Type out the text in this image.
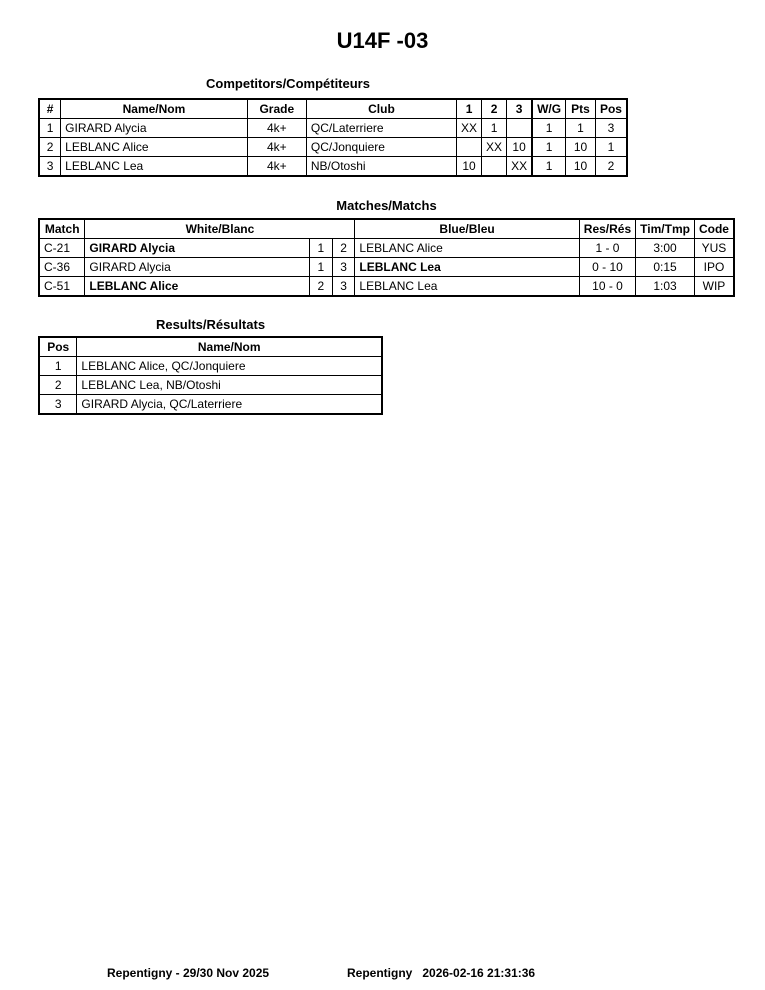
U14F -03
Competitors/Compétiteurs
#	Name/Nom	Grade	Club	1	2	3	W/G	Pts	Pos
1	GIRARD Alycia	4k+	QC/Laterriere	XX	1		1	1	3
2	LEBLANC Alice	4k+	QC/Jonquiere		XX	10	1	10	1
3	LEBLANC Lea	4k+	NB/Otoshi	10		XX	1	10	2
Matches/Matchs
Match	White/Blanc			Blue/Bleu	Res/Rés	Tim/Tmp	Code
C-21	GIRARD Alycia	1	2	LEBLANC Alice	1 - 0	3:00	YUS
C-36	GIRARD Alycia	1	3	LEBLANC Lea	0 - 10	0:15	IPO
C-51	LEBLANC Alice	2	3	LEBLANC Lea	10 - 0	1:03	WIP
Results/Résultats
Pos	Name/Nom
1	LEBLANC Alice, QC/Jonquiere
2	LEBLANC Lea, NB/Otoshi
3	GIRARD Alycia, QC/Laterriere
Repentigny - 29/30 Nov 2025	Repentigny   2026-02-16 21:31:36
